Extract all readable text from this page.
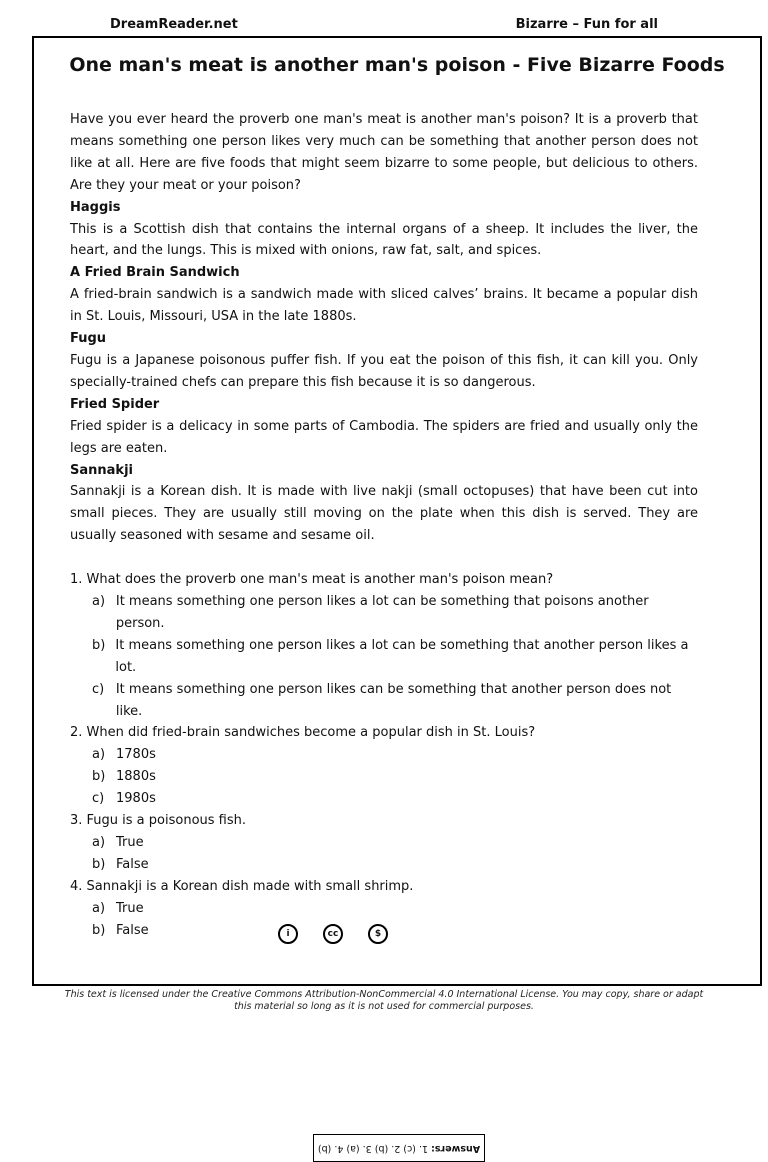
DreamReader.net	Bizarre – Fun for all
One man's meat is another man's poison - Five Bizarre Foods

Have you ever heard the proverb one man's meat is another man's poison? It is a proverb that means something one person likes very much can be something that another person does not like at all. Here are five foods that might seem bizarre to some people, but delicious to others. Are they your meat or your poison?

Haggis

This is a Scottish dish that contains the internal organs of a sheep. It includes the liver, the heart, and the lungs. This is mixed with onions, raw fat, salt, and spices.

A Fried Brain Sandwich

A fried-brain sandwich is a sandwich made with sliced calves’ brains. It became a popular dish in St. Louis, Missouri, USA in the late 1880s.

Fugu

Fugu is a Japanese poisonous puffer fish. If you eat the poison of this fish, it can kill you. Only specially-trained chefs can prepare this fish because it is so dangerous.

Fried Spider

Fried spider is a delicacy in some parts of Cambodia. The spiders are fried and usually only the legs are eaten.

Sannakji

Sannakji is a Korean dish. It is made with live nakji (small octopuses) that have been cut into small pieces. They are usually still moving on the plate when this dish is served. They are usually seasoned with sesame and sesame oil.

1. What does the proverb one man's meat is another man's poison mean?
a) It means something one person likes a lot can be something that poisons another person.
b) It means something one person likes a lot can be something that another person likes a lot.
c) It means something one person likes can be something that another person does not like.
2. When did fried-brain sandwiches become a popular dish in St. Louis?
a) 1780s
b) 1880s
c) 1980s
3. Fugu is a poisonous fish.
a) True
b) False
4. Sannakji is a Korean dish made with small shrimp.
a) True
b) False
Answers:
1. (c) 2. (b) 3. (a) 4. (b)
i	cc	$
This text is licensed under the Creative Commons Attribution-NonCommercial 4.0 International License. You may copy, share or adapt this material so long as it is not used for commercial purposes.
